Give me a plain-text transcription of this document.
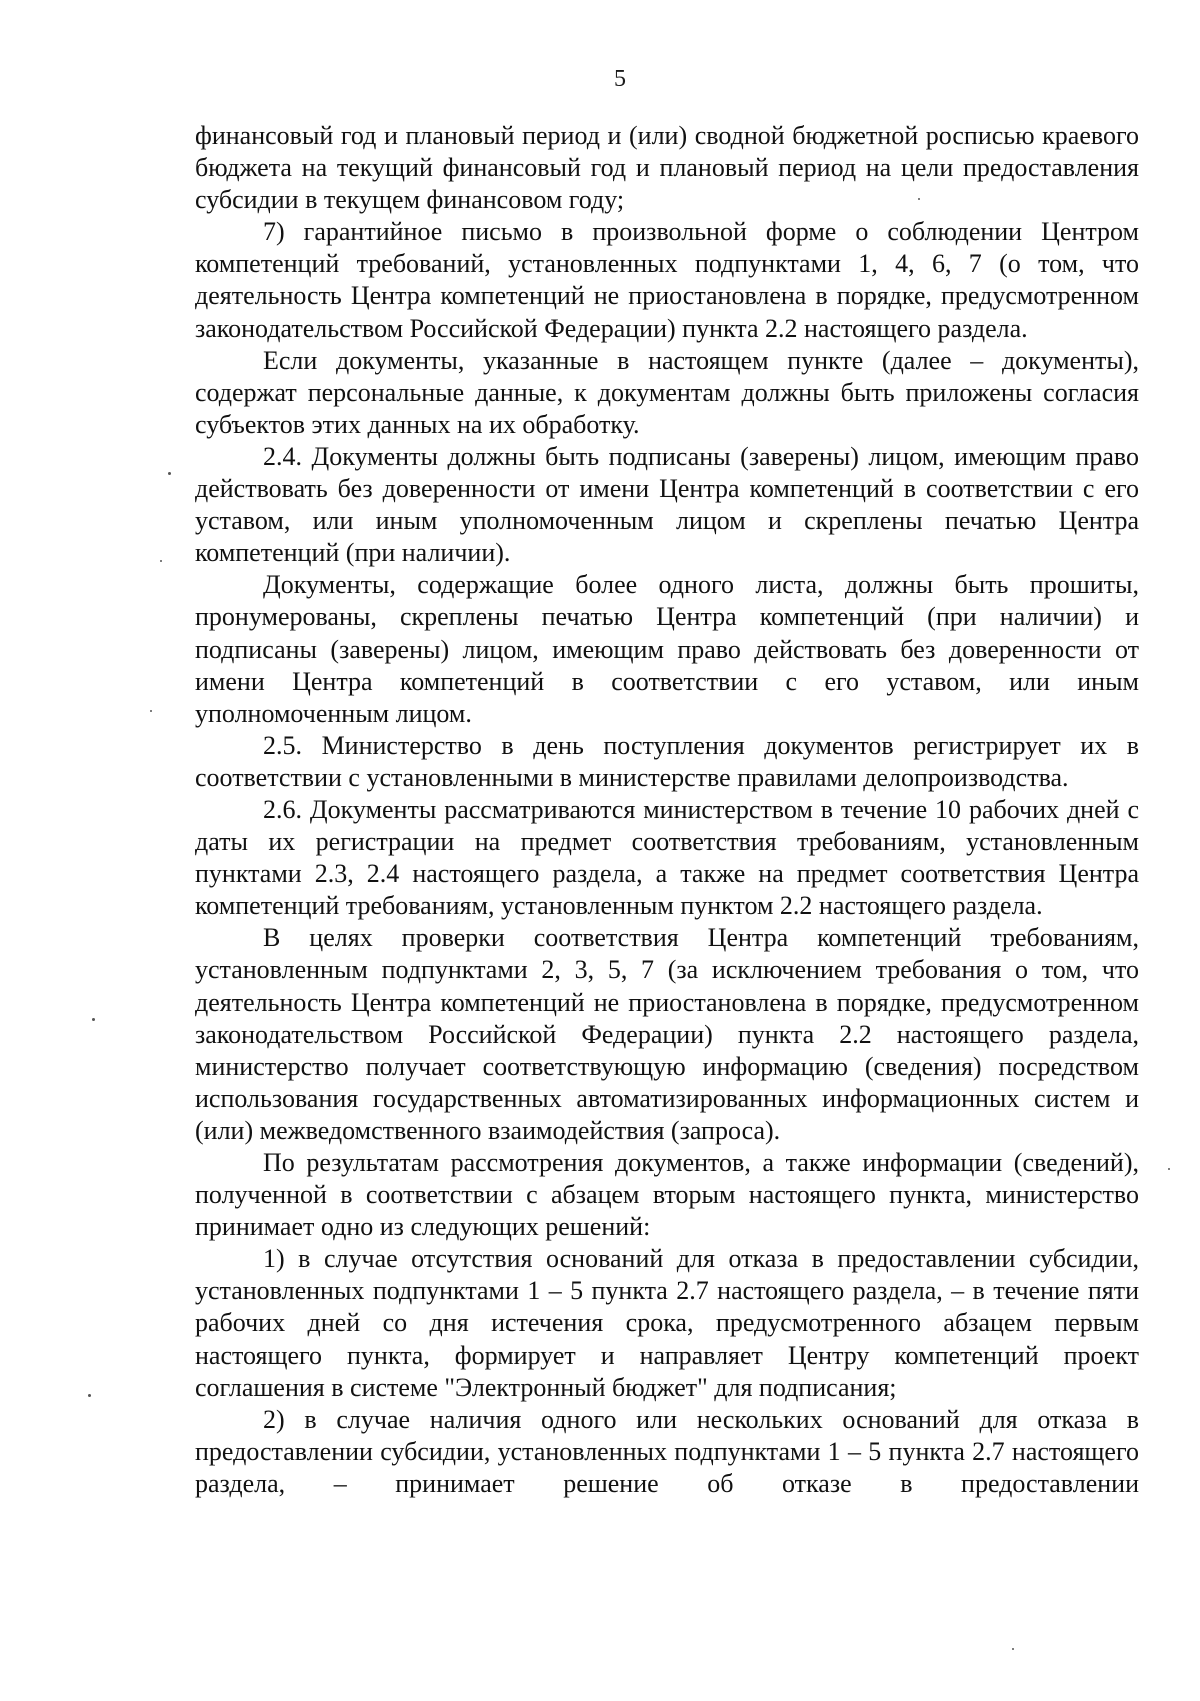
5

финансовый год и плановый период и (или) сводной бюджетной росписью краевого бюджета на текущий финансовый год и плановый период на цели предоставления субсидии в текущем финансовом году;

7) гарантийное письмо в произвольной форме о соблюдении Центром компетенций требований, установленных подпунктами 1, 4, 6, 7 (о том, что деятельность Центра компетенций не приостановлена в порядке, предусмотренном законодательством Российской Федерации) пункта 2.2 настоящего раздела.

Если документы, указанные в настоящем пункте (далее – документы), содержат персональные данные, к документам должны быть приложены согласия субъектов этих данных на их обработку.

2.4. Документы должны быть подписаны (заверены) лицом, имеющим право действовать без доверенности от имени Центра компетенций в соответствии с его уставом, или иным уполномоченным лицом и скреплены печатью Центра компетенций (при наличии).

Документы, содержащие более одного листа, должны быть прошиты, пронумерованы, скреплены печатью Центра компетенций (при наличии) и подписаны (заверены) лицом, имеющим право действовать без доверенности от имени Центра компетенций в соответствии с его уставом, или иным уполномоченным лицом.

2.5. Министерство в день поступления документов регистрирует их в соответствии с установленными в министерстве правилами делопроизводства.

2.6. Документы рассматриваются министерством в течение 10 рабочих дней с даты их регистрации на предмет соответствия требованиям, установленным пунктами 2.3, 2.4 настоящего раздела, а также на предмет соответствия Центра компетенций требованиям, установленным пунктом 2.2 настоящего раздела.

В целях проверки соответствия Центра компетенций требованиям, установленным подпунктами 2, 3, 5, 7 (за исключением требования о том, что деятельность Центра компетенций не приостановлена в порядке, предусмотренном законодательством Российской Федерации) пункта 2.2 настоящего раздела, министерство получает соответствующую информацию (сведения) посредством использования государственных автоматизированных информационных систем и (или) межведомственного взаимодействия (запроса).

По результатам рассмотрения документов, а также информации (сведений), полученной в соответствии с абзацем вторым настоящего пункта, министерство принимает одно из следующих решений:

1) в случае отсутствия оснований для отказа в предоставлении субсидии, установленных подпунктами 1 – 5 пункта 2.7 настоящего раздела, – в течение пяти рабочих дней со дня истечения срока, предусмотренного абзацем первым настоящего пункта, формирует и направляет Центру компетенций проект соглашения в системе "Электронный бюджет" для подписания;

2) в случае наличия одного или нескольких оснований для отказа в предоставлении субсидии, установленных подпунктами 1 – 5 пункта 2.7 настоящего раздела, – принимает решение об отказе в предоставлении
